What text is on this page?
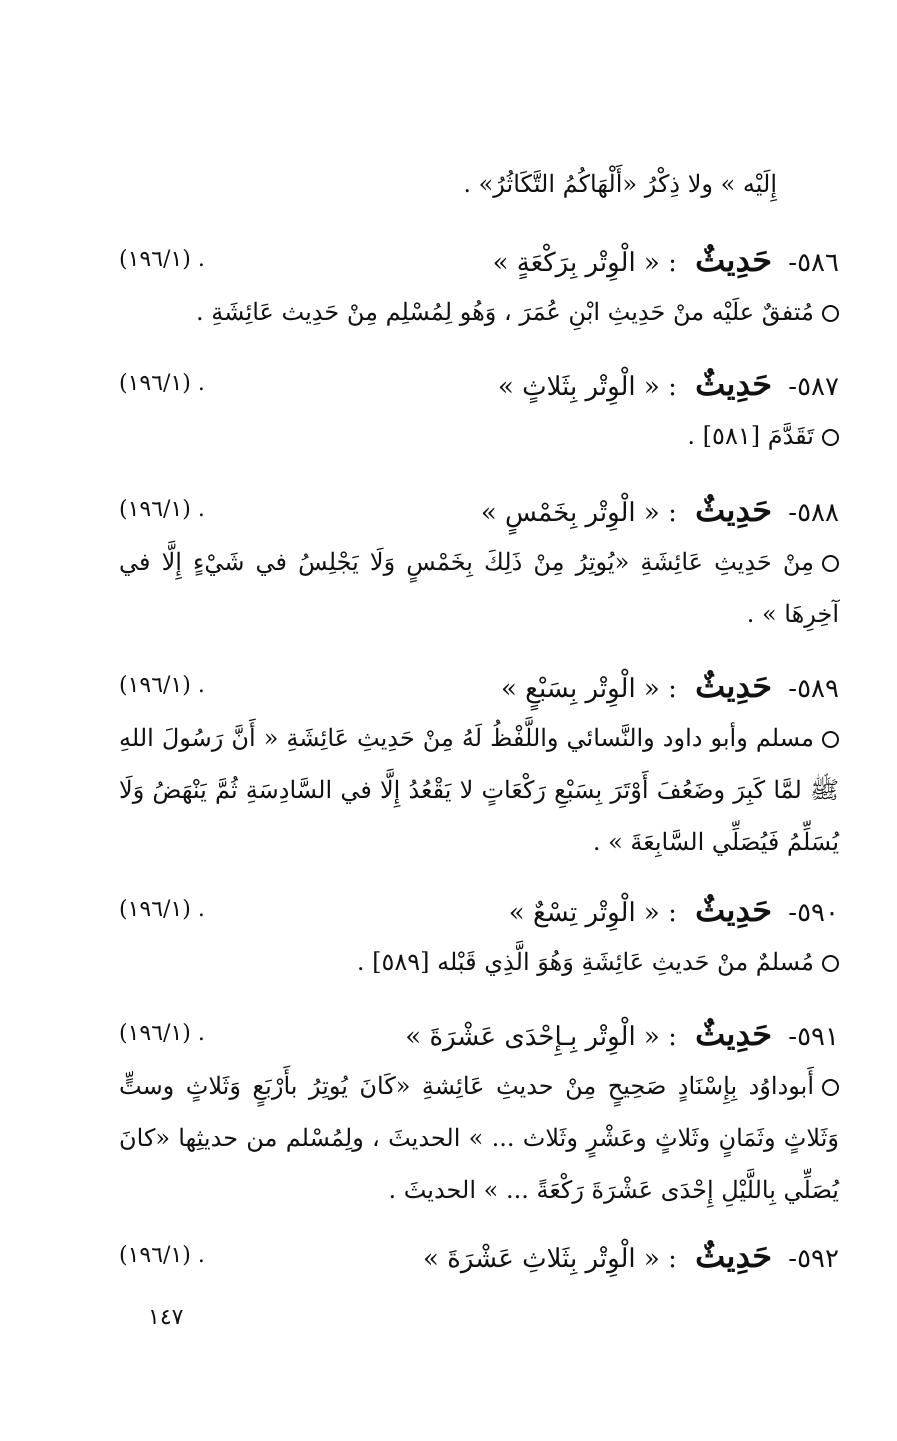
إِلَيْه » ولا ذِكْرُ «أَلْهَاكُمُ التَّكَاثُرُ» .
٥٨٦- حَدِيثٌ : « الْوِتْر بِرَكْعَةٍ »
. (١٩٦/١)
مُتفقٌ علَيْه منْ حَدِيثِ ابْنِ عُمَرَ ، وَهُو لِمُسْلِم مِنْ حَدِيث عَائِشَةِ .
٥٨٧- حَدِيثٌ : « الْوِتْر بِثَلاثٍ »
. (١٩٦/١)
تَقَدَّمَ [٥٨١] .
٥٨٨- حَدِيثٌ : « الْوِتْر بِخَمْسٍ »
. (١٩٦/١)
مِنْ حَدِيثِ عَائِشَةِ «يُوتِرُ مِنْ ذَلِكَ بِخَمْسٍ وَلَا يَجْلِسُ في شَيْءٍ إِلَّا في آخِرِهَا » .
٥٨٩- حَدِيثٌ : « الْوِتْر بِسَبْعٍ »
. (١٩٦/١)
مسلم وأبو داود والنَّسائي واللَّفْظُ لَهُ مِنْ حَدِيثِ عَائِشَةِ « أَنَّ رَسُولَ اللهِ ﷺ لمَّا كَبِرَ وضَعُفَ أَوْتَرَ بِسَبْعِ رَكْعَاتٍ لا يَقْعُدُ إِلَّا في السَّادِسَةِ ثُمَّ يَنْهَضُ وَلَا يُسَلِّمُ فَيُصَلِّي السَّابِعَةَ » .
٥٩٠- حَدِيثٌ : « الْوِتْر تِسْعٌ »
. (١٩٦/١)
مُسلمٌ منْ حَديثِ عَائِشَةِ وَهُوَ الَّذِي قَبْله [٥٨٩] .
٥٩١- حَدِيثٌ : « الْوِتْر بِـإِحْدَى عَشْرَةَ »
. (١٩٦/١)
أَبوداوُد بِإِسْنَادٍ صَحِيحٍ مِنْ حديثِ عَائِشةِ «كَانَ يُوتِرُ بأَرْبَعٍ وَثَلاثٍ وستٍّ وَثَلاثٍ وثَمَانٍ وثَلاثٍ وعَشْرٍ وثَلاث ... » الحديثَ ، ولِمُسْلم من حديثِها «كانَ يُصَلِّي بِاللَّيْلِ إِحْدَى عَشْرَةَ رَكْعَةً ... » الحديثَ .
٥٩٢- حَدِيثٌ : « الْوِتْر بِثَلاثِ عَشْرَةَ »
. (١٩٦/١)
١٤٧
